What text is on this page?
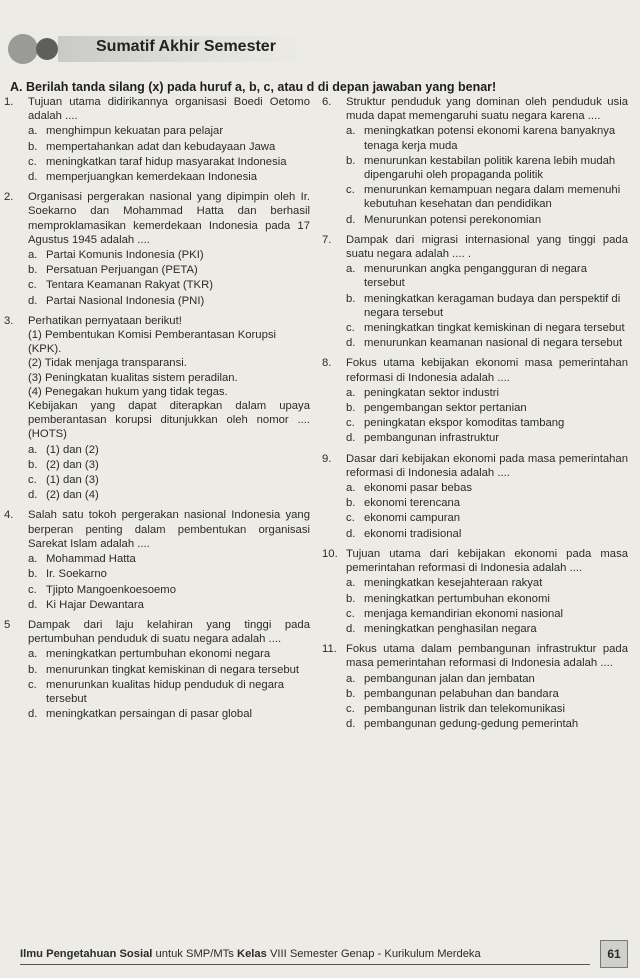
Sumatif Akhir Semester
A. Berilah tanda silang (x) pada huruf a, b, c, atau d di depan jawaban yang benar!
1. Tujuan utama didirikannya organisasi Boedi Oetomo adalah ....
a. menghimpun kekuatan para pelajar
b. mempertahankan adat dan kebudayaan Jawa
c. meningkatkan taraf hidup masyarakat Indonesia
d. memperjuangkan kemerdekaan Indonesia
2. Organisasi pergerakan nasional yang dipimpin oleh Ir. Soekarno dan Mohammad Hatta dan berhasil memproklamasikan kemerdekaan Indonesia pada 17 Agustus 1945 adalah ....
a. Partai Komunis Indonesia (PKI)
b. Persatuan Perjuangan (PETA)
c. Tentara Keamanan Rakyat (TKR)
d. Partai Nasional Indonesia (PNI)
3. Perhatikan pernyataan berikut!
(1) Pembentukan Komisi Pemberantasan Korupsi (KPK).
(2) Tidak menjaga transparansi.
(3) Peningkatan kualitas sistem peradilan.
(4) Penegakan hukum yang tidak tegas.
Kebijakan yang dapat diterapkan dalam upaya pemberantasan korupsi ditunjukkan oleh nomor .... (HOTS)
a. (1) dan (2)
b. (2) dan (3)
c. (1) dan (3)
d. (2) dan (4)
4. Salah satu tokoh pergerakan nasional Indonesia yang berperan penting dalam pembentukan organisasi Sarekat Islam adalah ....
a. Mohammad Hatta
b. Ir. Soekarno
c. Tjipto Mangoenkoesoemo
d. Ki Hajar Dewantara
5 Dampak dari laju kelahiran yang tinggi pada pertumbuhan penduduk di suatu negara adalah ....
a. meningkatkan pertumbuhan ekonomi negara
b. menurunkan tingkat kemiskinan di negara tersebut
c. menurunkan kualitas hidup penduduk di negara tersebut
d. meningkatkan persaingan di pasar global
6. Struktur penduduk yang dominan oleh penduduk usia muda dapat memengaruhi suatu negara karena ....
a. meningkatkan potensi ekonomi karena banyaknya tenaga kerja muda
b. menurunkan kestabilan politik karena lebih mudah dipengaruhi oleh propaganda politik
c. menurunkan kemampuan negara dalam memenuhi kebutuhan kesehatan dan pendidikan
d. Menurunkan potensi perekonomian
7. Dampak dari migrasi internasional yang tinggi pada suatu negara adalah .... .
a. menurunkan angka pengangguran di negara tersebut
b. meningkatkan keragaman budaya dan perspektif di negara tersebut
c. meningkatkan tingkat kemiskinan di negara tersebut
d. menurunkan keamanan nasional di negara tersebut
8. Fokus utama kebijakan ekonomi masa pemerintahan reformasi di Indonesia adalah ....
a. peningkatan sektor industri
b. pengembangan sektor pertanian
c. peningkatan ekspor komoditas tambang
d. pembangunan infrastruktur
9. Dasar dari kebijakan ekonomi pada masa pemerintahan reformasi di Indonesia adalah ....
a. ekonomi pasar bebas
b. ekonomi terencana
c. ekonomi campuran
d. ekonomi tradisional
10. Tujuan utama dari kebijakan ekonomi pada masa pemerintahan reformasi di Indonesia adalah ....
a. meningkatkan kesejahteraan rakyat
b. meningkatkan pertumbuhan ekonomi
c. menjaga kemandirian ekonomi nasional
d. meningkatkan penghasilan negara
11. Fokus utama dalam pembangunan infrastruktur pada masa pemerintahan reformasi di Indonesia adalah ....
a. pembangunan jalan dan jembatan
b. pembangunan pelabuhan dan bandara
c. pembangunan listrik dan telekomunikasi
d. pembangunan gedung-gedung pemerintah
Ilmu Pengetahuan Sosial untuk SMP/MTs Kelas VIII Semester Genap - Kurikulum Merdeka	61
